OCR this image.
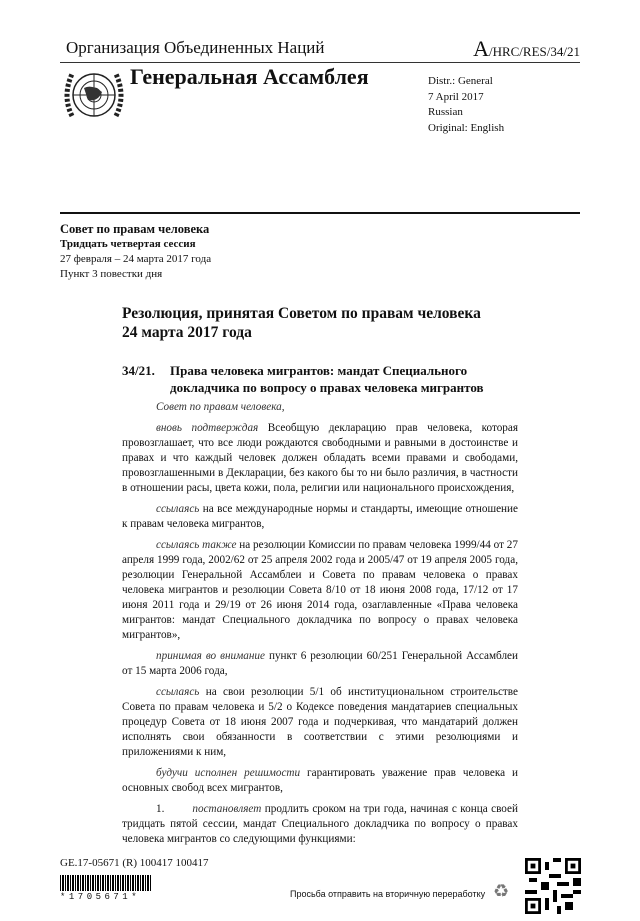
Организация Объединенных Наций	A/HRC/RES/34/21
Генеральная Ассамблея	Distr.: General
7 April 2017
Russian
Original: English
Совет по правам человека
Тридцать четвертая сессия
27 февраля – 24 марта 2017 года
Пункт 3 повестки дня
Резолюция, принятая Советом по правам человека
24 марта 2017 года
34/21.	Права человека мигрантов: мандат Специального докладчика по вопросу о правах человека мигрантов

Совет по правам человека,

вновь подтверждая Всеобщую декларацию прав человека, которая провозглашает, что все люди рождаются свободными и равными в достоинстве и правах и что каждый человек должен обладать всеми правами и свободами, провозглашенными в Декларации, без какого бы то ни было различия, в частности в отношении расы, цвета кожи, пола, религии или национального происхождения,

ссылаясь на все международные нормы и стандарты, имеющие отношение к правам человека мигрантов,

ссылаясь также на резолюции Комиссии по правам человека 1999/44 от 27 апреля 1999 года, 2002/62 от 25 апреля 2002 года и 2005/47 от 19 апреля 2005 года, резолюции Генеральной Ассамблеи и Совета по правам человека о правах человека мигрантов и резолюции Совета 8/10 от 18 июня 2008 года, 17/12 от 17 июня 2011 года и 29/19 от 26 июня 2014 года, озаглавленные «Права человека мигрантов: мандат Специального докладчика по вопросу о правах человека мигрантов»,

принимая во внимание пункт 6 резолюции 60/251 Генеральной Ассамблеи от 15 марта 2006 года,

ссылаясь на свои резолюции 5/1 об институциональном строительстве Совета по правам человека и 5/2 о Кодексе поведения мандатариев специальных процедур Совета от 18 июня 2007 года и подчеркивая, что мандатарий должен исполнять свои обязанности в соответствии с этими резолюциями и приложениями к ним,

будучи исполнен решимости гарантировать уважение прав человека и основных свобод всех мигрантов,

1.	постановляет продлить сроком на три года, начиная с конца своей тридцать пятой сессии, мандат Специального докладчика по вопросу о правах человека мигрантов со следующими функциями:

GE.17-05671 (R) 100417 100417
*1705671*	Просьба отправить на вторичную переработку ♻
